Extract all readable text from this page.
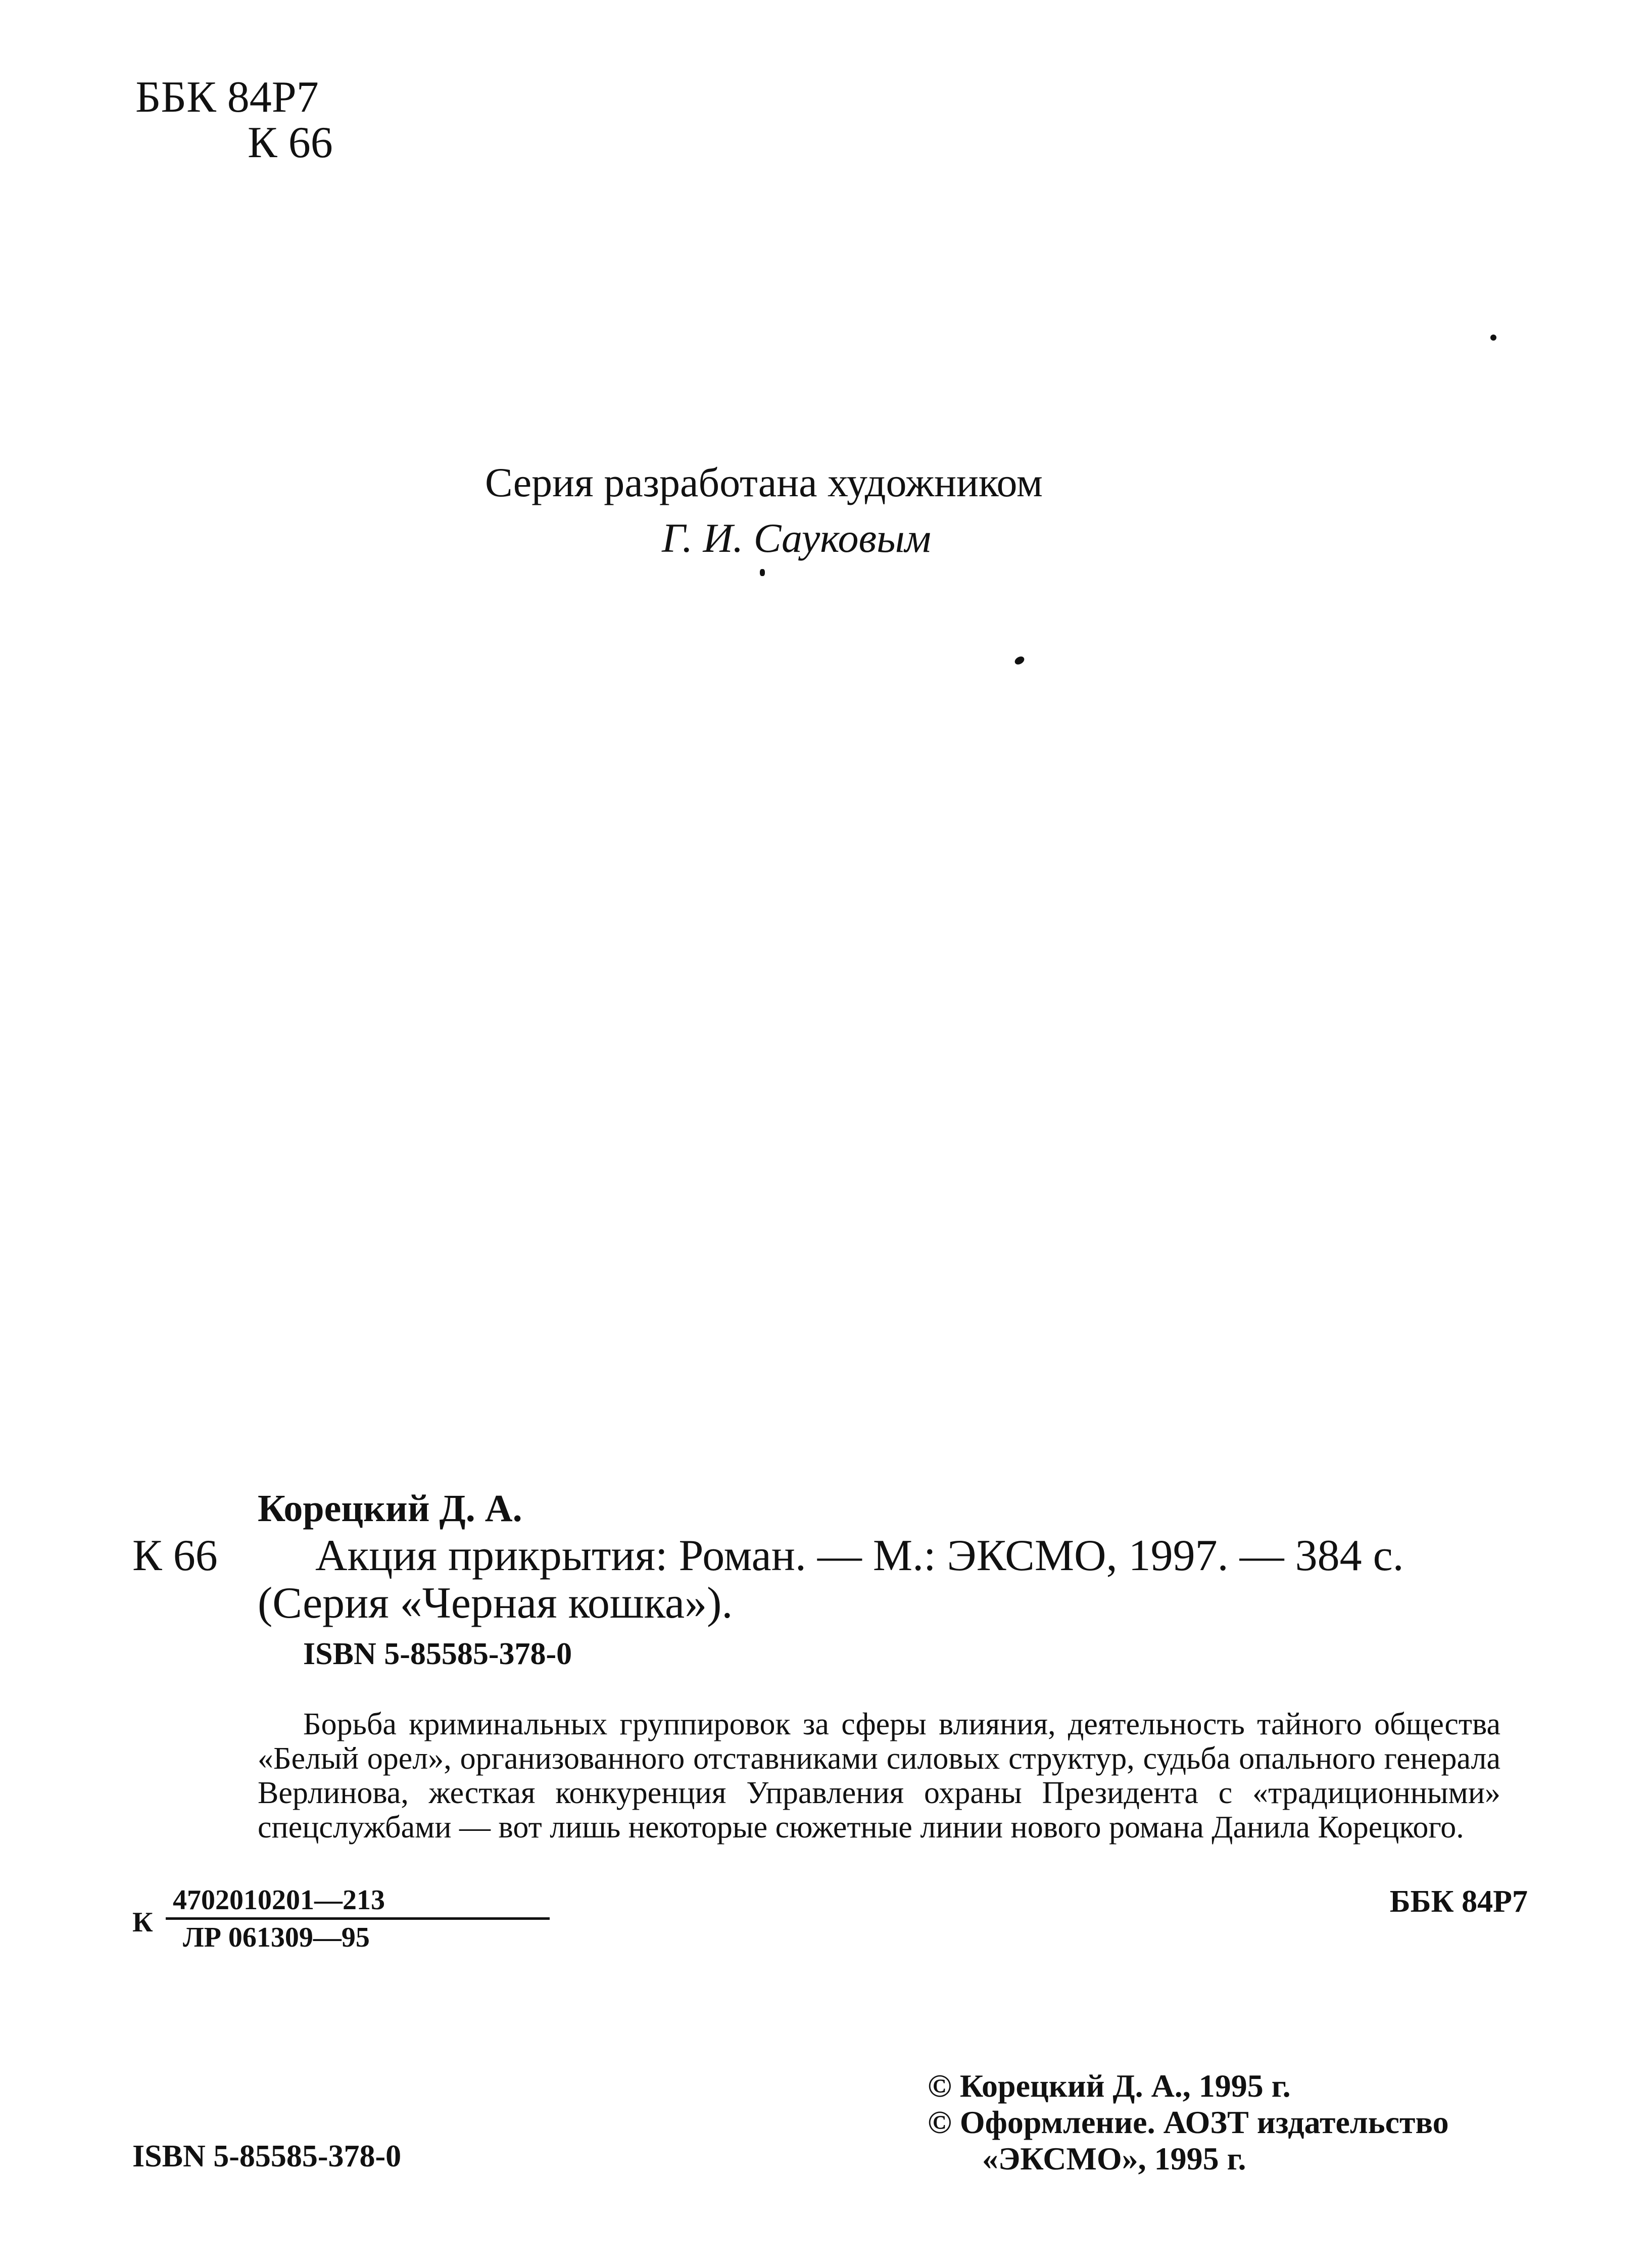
ББК 84Р7
К 66
Серия разработана художником
Г. И. Сауковым
Корецкий Д. А.
К 66 Акция прикрытия: Роман. — М.: ЭКСМО, 1997. — 384 с.
(Серия «Черная кошка»).
ISBN 5-85585-378-0
Борьба криминальных группировок за сферы влияния, деятельность тайного общества «Белый орел», организованного отставниками силовых структур, судьба опального генерала Верлинова, жесткая конкуренция Управления охраны Президента с «традиционными» спецслужбами — вот лишь некоторые сюжетные линии нового романа Данила Корецкого.
К
4702010201—213
ЛР 061309—95
ББК 84Р7
© Корецкий Д. А., 1995 г.
© Оформление. АОЗТ издательство
«ЭКСМО», 1995 г.
ISBN 5-85585-378-0
